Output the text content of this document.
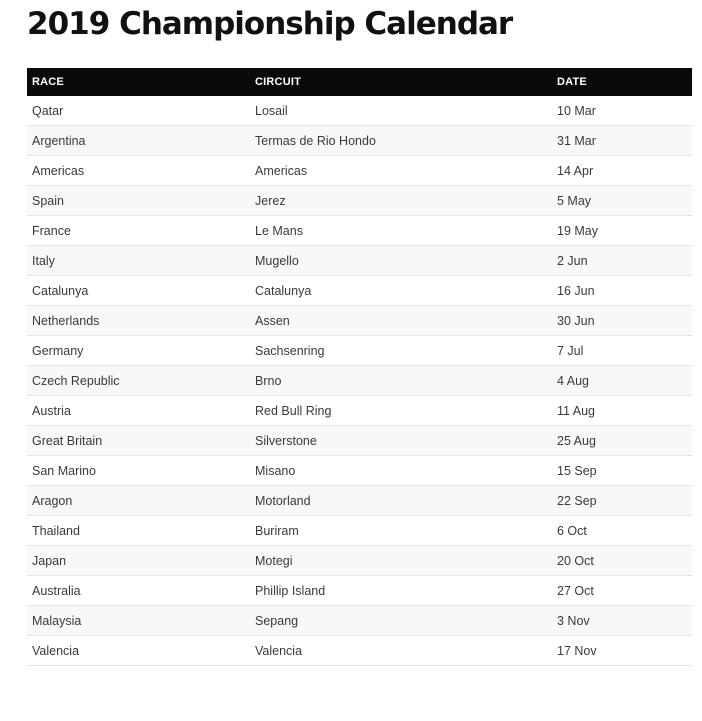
2019 Championship Calendar
RACE	CIRCUIT	DATE
Qatar	Losail	10 Mar
Argentina	Termas de Rio Hondo	31 Mar
Americas	Americas	14 Apr
Spain	Jerez	5 May
France	Le Mans	19 May
Italy	Mugello	2 Jun
Catalunya	Catalunya	16 Jun
Netherlands	Assen	30 Jun
Germany	Sachsenring	7 Jul
Czech Republic	Brno	4 Aug
Austria	Red Bull Ring	11 Aug
Great Britain	Silverstone	25 Aug
San Marino	Misano	15 Sep
Aragon	Motorland	22 Sep
Thailand	Buriram	6 Oct
Japan	Motegi	20 Oct
Australia	Phillip Island	27 Oct
Malaysia	Sepang	3 Nov
Valencia	Valencia	17 Nov
